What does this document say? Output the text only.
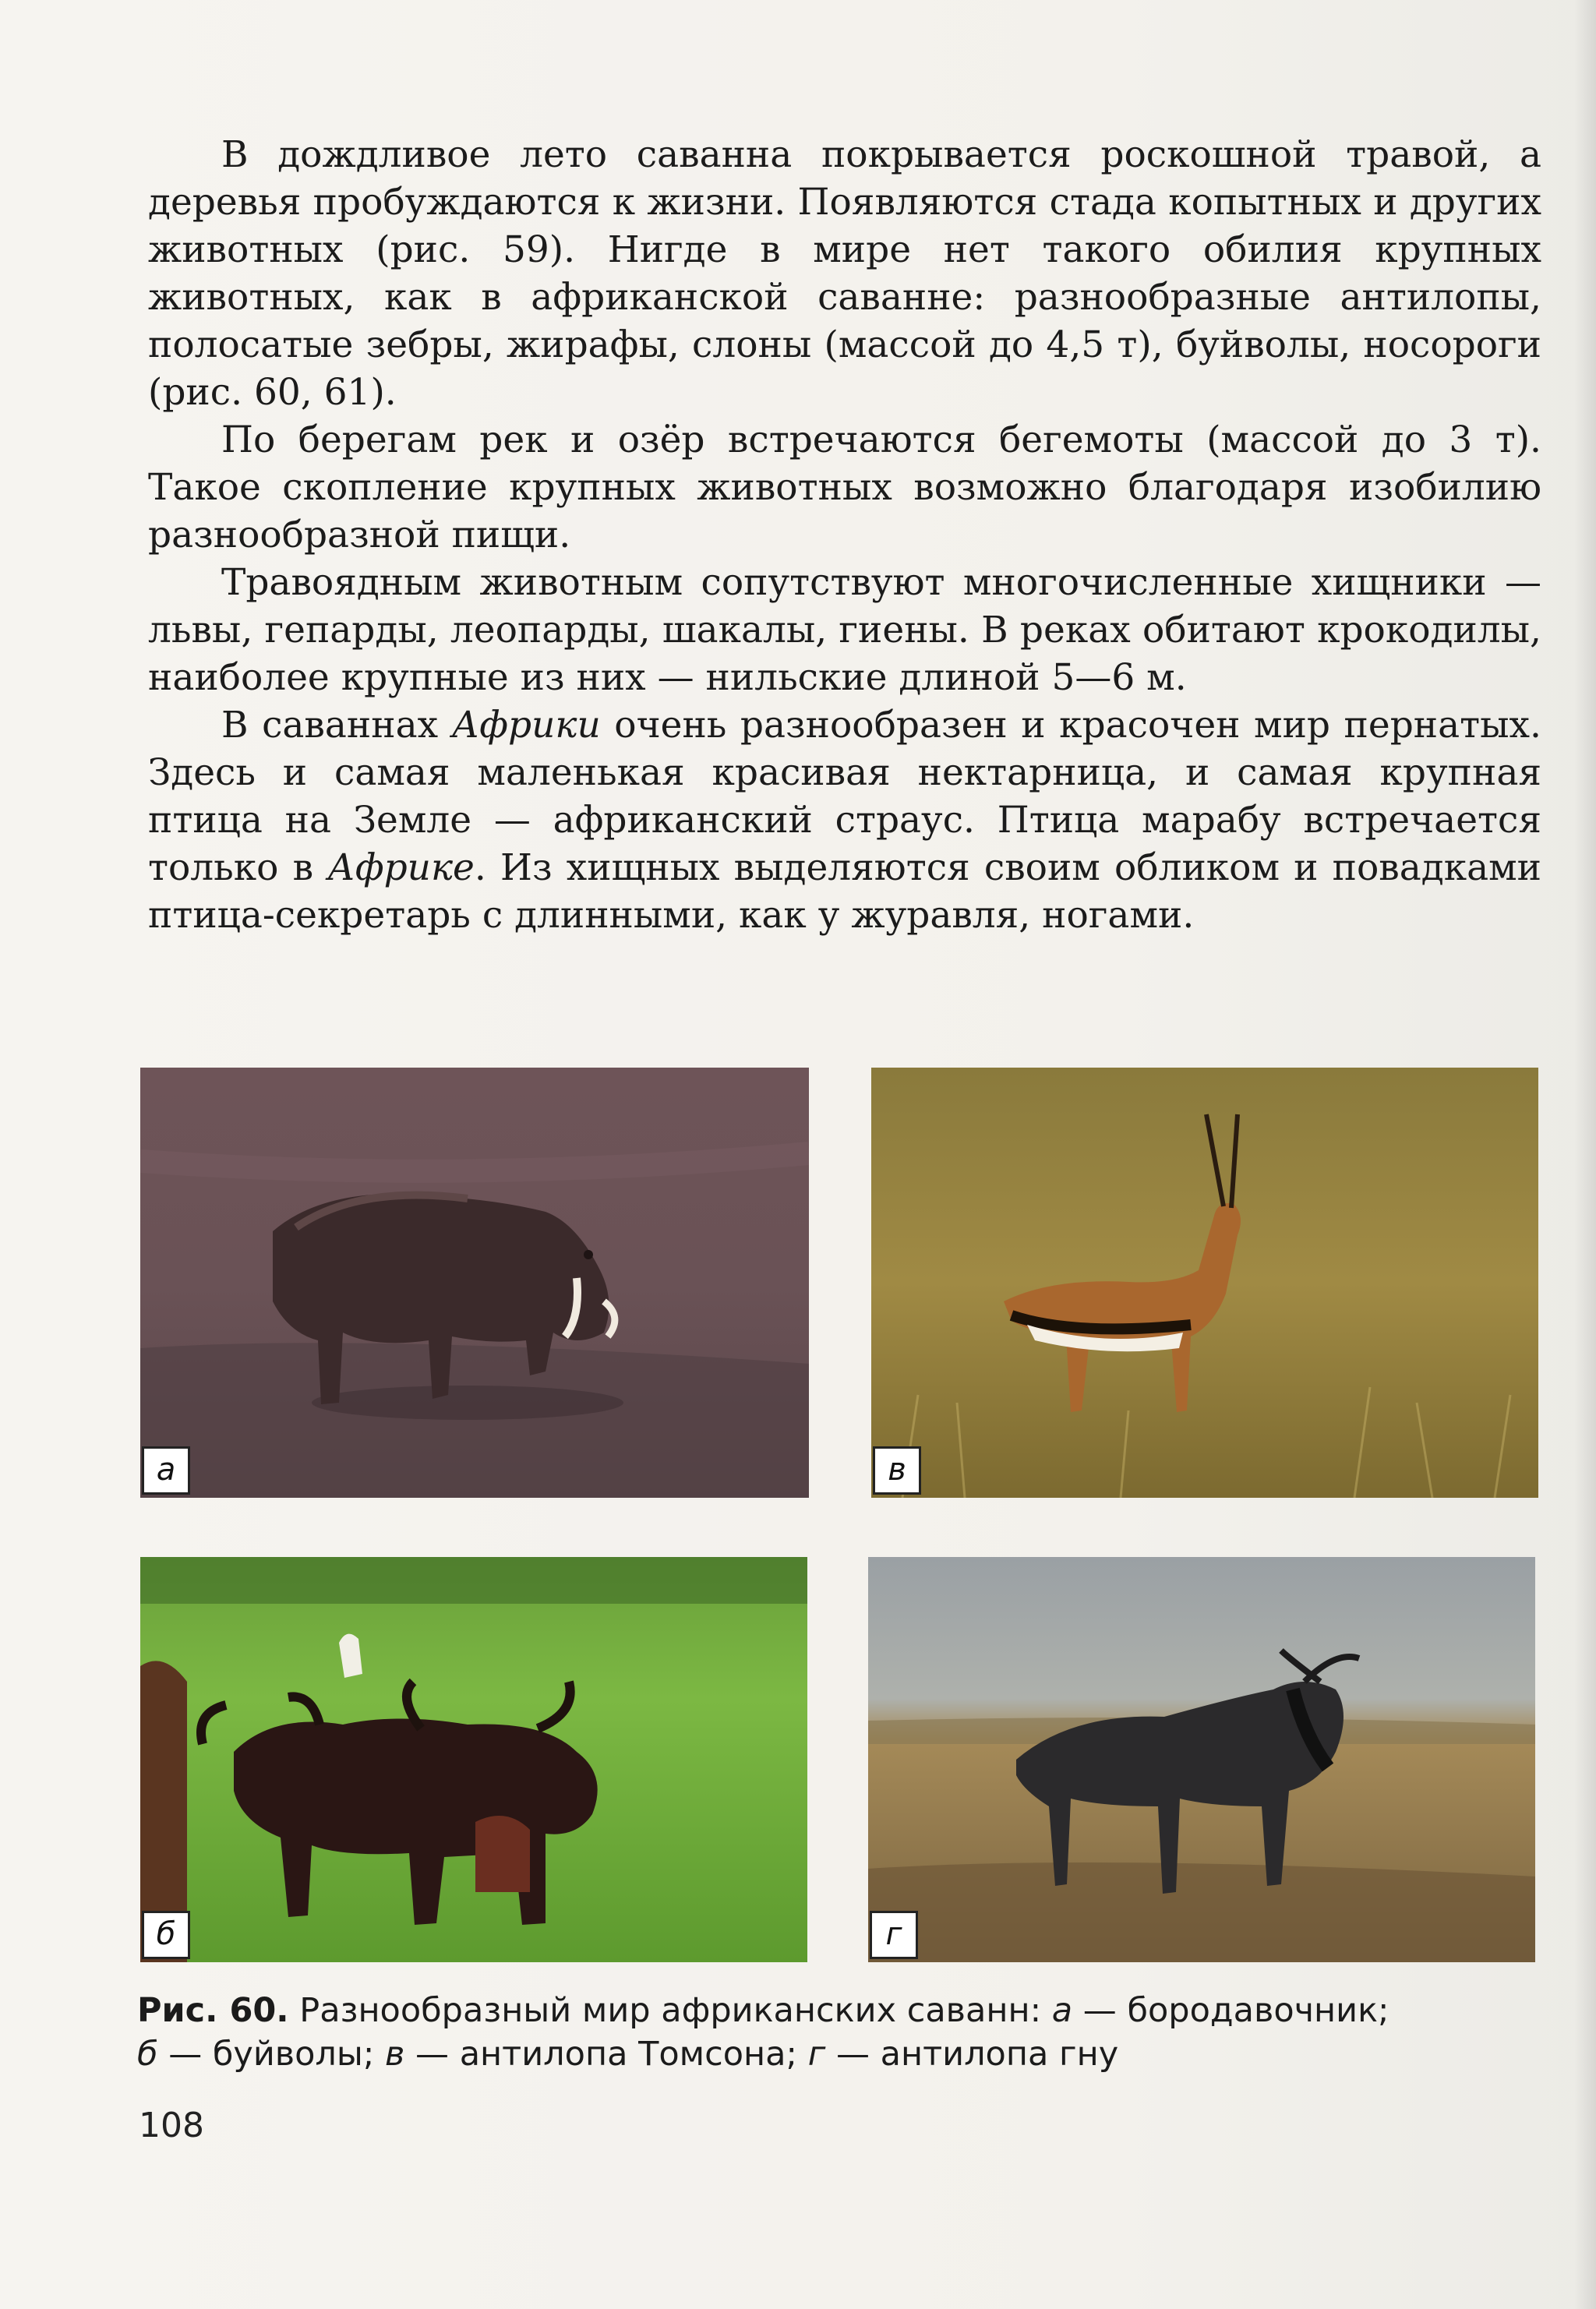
В дождливое лето саванна покрывается роскошной травой, а деревья пробуждаются к жизни. Появляются стада копытных и других животных (рис. 59). Нигде в мире нет такого обилия крупных животных, как в африканской саванне: разнообразные антилопы, полосатые зебры, жирафы, слоны (массой до 4,5 т), буйволы, носороги (рис. 60, 61).

По берегам рек и озёр встречаются бегемоты (массой до 3 т). Такое скопление крупных животных возможно благодаря изобилию разнообразной пищи.

Травоядным животным сопутствуют многочисленные хищники — львы, гепарды, леопарды, шакалы, гиены. В реках обитают крокодилы, наиболее крупные из них — нильские длиной 5—6 м.

В саваннах Африки очень разнообразен и красочен мир пернатых. Здесь и самая маленькая красивая нектарница, и самая крупная птица на Земле — африканский страус. Птица марабу встречается только в Африке. Из хищных выделяются своим обликом и повадками птица-секретарь с длинными, как у журавля, ногами.

а	в
б	г
Рис. 60. Разнообразный мир африканских саванн: а — бородавочник;
б — буйволы; в — антилопа Томсона; г — антилопа гну
108
